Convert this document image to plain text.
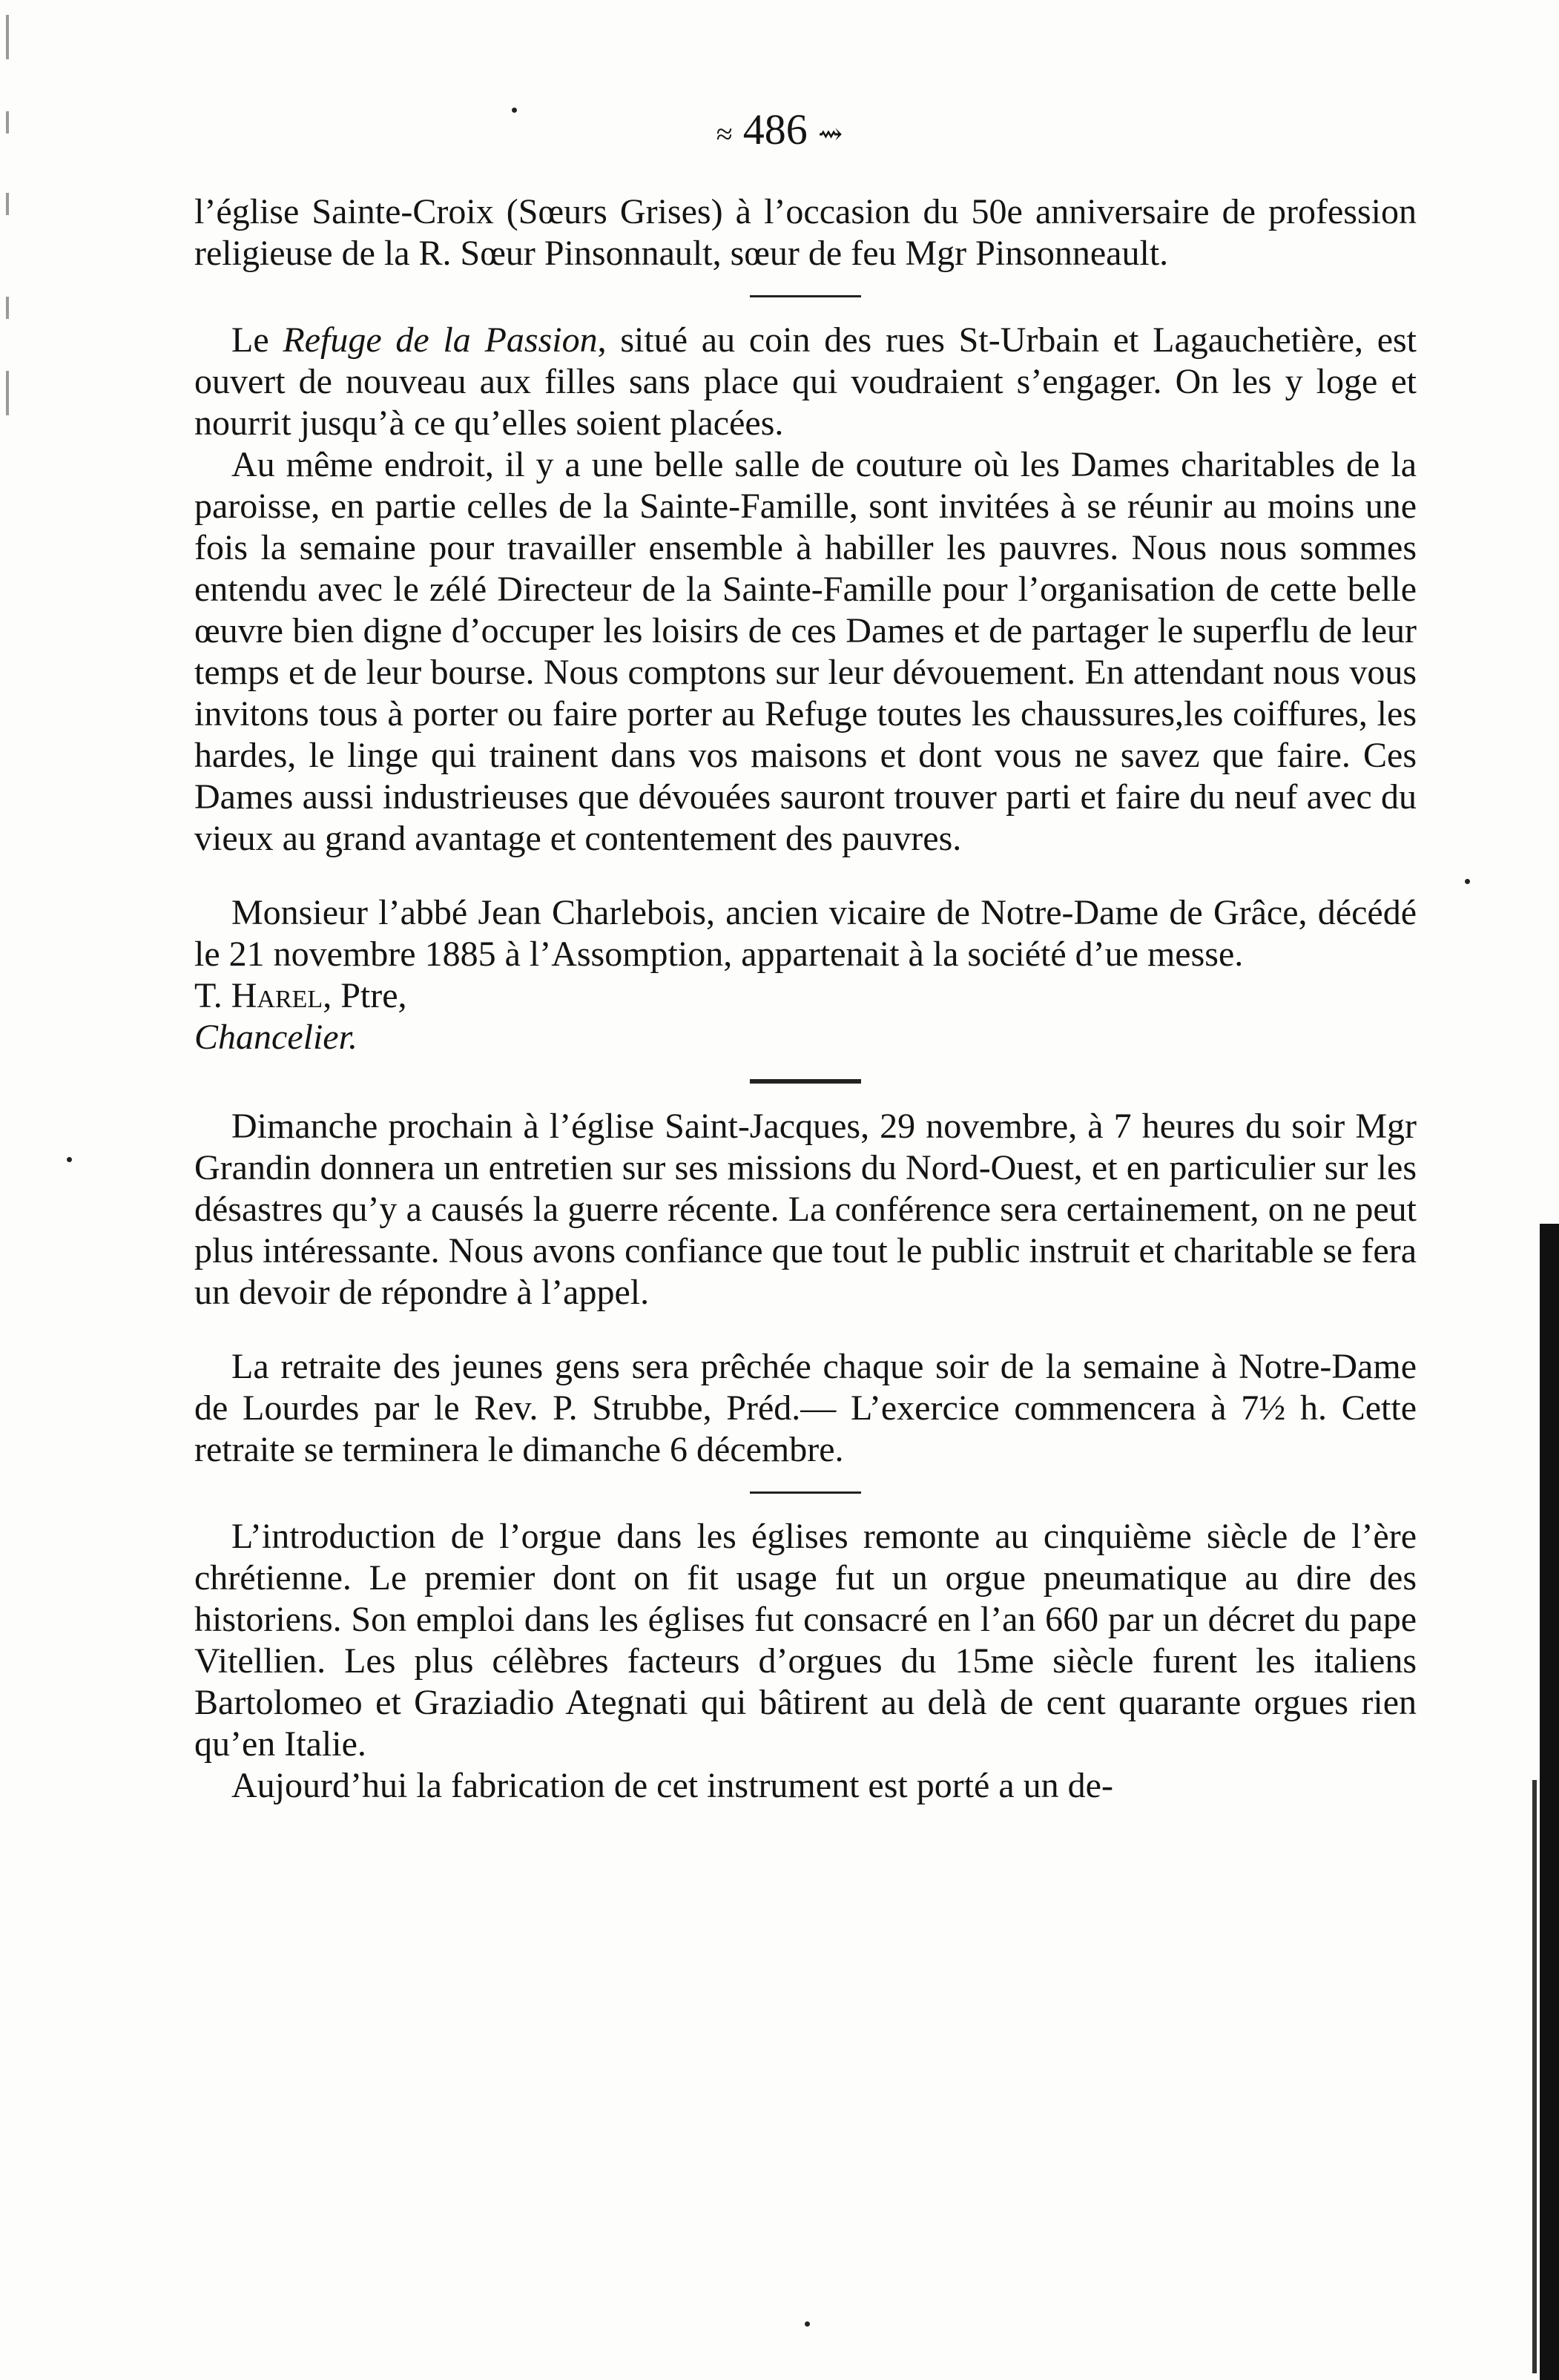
≈ 486 ⇝

l’église Sainte-Croix (Sœurs Grises) à l’occasion du 50e anniversaire de profession religieuse de la R. Sœur Pinsonnault, sœur de feu Mgr Pinsonneault.

Le Refuge de la Passion, situé au coin des rues St-Urbain et Lagauchetière, est ouvert de nouveau aux filles sans place qui voudraient s’engager. On les y loge et nourrit jusqu’à ce qu’elles soient placées.

Au même endroit, il y a une belle salle de couture où les Dames charitables de la paroisse, en partie celles de la Sainte-Famille, sont invitées à se réunir au moins une fois la semaine pour travailler ensemble à habiller les pauvres. Nous nous sommes entendu avec le zélé Directeur de la Sainte-Famille pour l’organisation de cette belle œuvre bien digne d’occuper les loisirs de ces Dames et de partager le superflu de leur temps et de leur bourse. Nous comptons sur leur dévouement. En attendant nous vous invitons tous à porter ou faire porter au Refuge toutes les chaussures,les coiffures, les hardes, le linge qui trainent dans vos maisons et dont vous ne savez que faire. Ces Dames aussi industrieuses que dévouées sauront trouver parti et faire du neuf avec du vieux au grand avantage et contentement des pauvres.

Monsieur l’abbé Jean Charlebois, ancien vicaire de Notre-Dame de Grâce, décédé le 21 novembre 1885 à l’Assomption, appartenait à la société d’ue messe.

T. Harel, Ptre,

Chancelier.

Dimanche prochain à l’église Saint-Jacques, 29 novembre, à 7 heures du soir Mgr Grandin donnera un entretien sur ses missions du Nord-Ouest, et en particulier sur les désastres qu’y a causés la guerre récente. La conférence sera certainement, on ne peut plus intéressante. Nous avons confiance que tout le public instruit et charitable se fera un devoir de répondre à l’appel.

La retraite des jeunes gens sera prêchée chaque soir de la semaine à Notre-Dame de Lourdes par le Rev. P. Strubbe, Préd.— L’exercice commencera à 7½ h. Cette retraite se terminera le dimanche 6 décembre.

L’introduction de l’orgue dans les églises remonte au cinquième siècle de l’ère chrétienne. Le premier dont on fit usage fut un orgue pneumatique au dire des historiens. Son emploi dans les églises fut consacré en l’an 660 par un décret du pape Vitellien. Les plus célèbres facteurs d’orgues du 15me siècle furent les italiens Bartolomeo et Graziadio Ategnati qui bâtirent au delà de cent quarante orgues rien qu’en Italie.

Aujourd’hui la fabrication de cet instrument est porté a un de-
